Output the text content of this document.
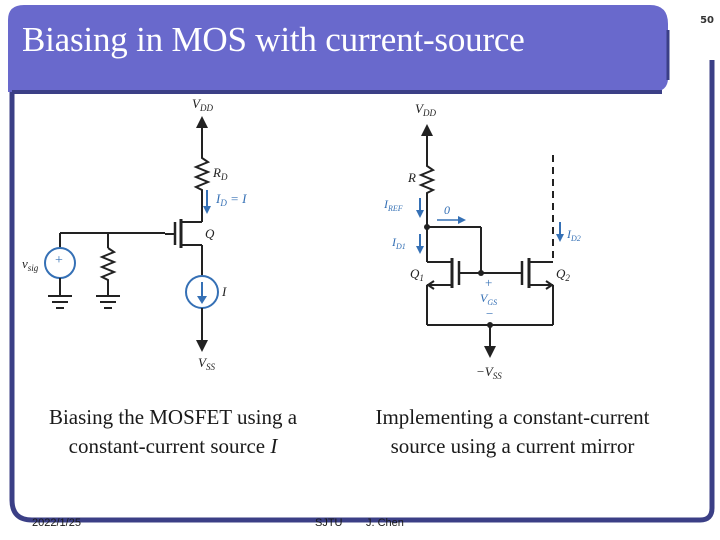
Biasing in MOS with current-source	50
$V_{DD}$
$R_D$
$I_D = I$
Q
+
$v_{sig}$
I
$V_{SS}$
$V_{DD}$
R
$I_{REF}$	0
$I_{D1}$
$Q_1$	$Q_2$
$I_{D2}$
+
$V_{GS}$
−
$-V_{SS}$
Biasing the MOSFET using a
constant-current source I
Implementing a constant-current
source using a current mirror
2022/1/25	SJTU J. Chen
